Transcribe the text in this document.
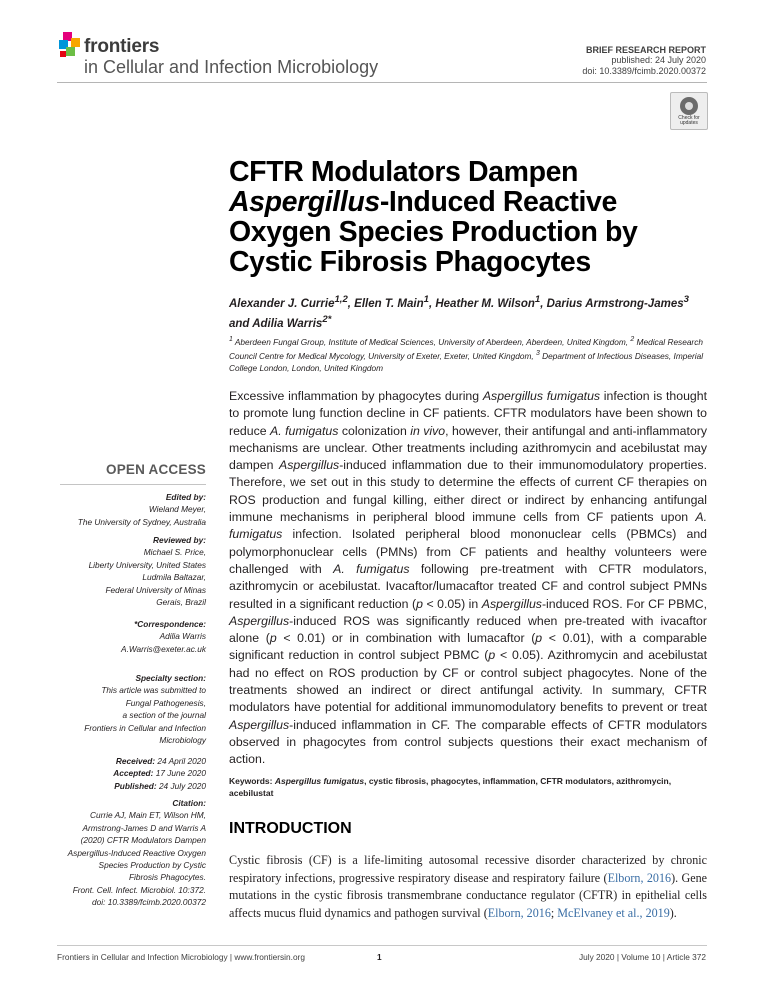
frontiers
in Cellular and Infection Microbiology
BRIEF RESEARCH REPORT
published: 24 July 2020
doi: 10.3389/fcimb.2020.00372
Check for updates
CFTR Modulators Dampen Aspergillus-Induced Reactive Oxygen Species Production by Cystic Fibrosis Phagocytes
Alexander J. Currie$^{1,2}$, Ellen T. Main$^1$, Heather M. Wilson$^1$, Darius Armstrong-James$^3$ and Adilia Warris$^{2*}$
$^1$ Aberdeen Fungal Group, Institute of Medical Sciences, University of Aberdeen, Aberdeen, United Kingdom, $^2$ Medical Research Council Centre for Medical Mycology, University of Exeter, Exeter, United Kingdom, $^3$ Department of Infectious Diseases, Imperial College London, London, United Kingdom
Excessive inflammation by phagocytes during Aspergillus fumigatus infection is thought to promote lung function decline in CF patients. CFTR modulators have been shown to reduce A. fumigatus colonization in vivo, however, their antifungal and anti-inflammatory mechanisms are unclear. Other treatments including azithromycin and acebilustat may dampen Aspergillus-induced inflammation due to their immunomodulatory properties. Therefore, we set out in this study to determine the effects of current CF therapies on ROS production and fungal killing, either direct or indirect by enhancing antifungal immune mechanisms in peripheral blood immune cells from CF patients upon A. fumigatus infection. Isolated peripheral blood mononuclear cells (PBMCs) and polymorphonuclear cells (PMNs) from CF patients and healthy volunteers were challenged with A. fumigatus following pre-treatment with CFTR modulators, azithromycin or acebilustat. Ivacaftor/lumacaftor treated CF and control subject PMNs resulted in a significant reduction (p < 0.05) in Aspergillus-induced ROS. For CF PBMC, Aspergillus-induced ROS was significantly reduced when pre-treated with ivacaftor alone (p < 0.01) or in combination with lumacaftor (p < 0.01), with a comparable significant reduction in control subject PBMC (p < 0.05). Azithromycin and acebilustat had no effect on ROS production by CF or control subject phagocytes. None of the treatments showed an indirect or direct antifungal activity. In summary, CFTR modulators have potential for additional immunomodulatory benefits to prevent or treat Aspergillus-induced inflammation in CF. The comparable effects of CFTR modulators observed in phagocytes from control subjects questions their exact mechanism of action.
Keywords: Aspergillus fumigatus, cystic fibrosis, phagocytes, inflammation, CFTR modulators, azithromycin, acebilustat
INTRODUCTION
Cystic fibrosis (CF) is a life-limiting autosomal recessive disorder characterized by chronic respiratory infections, progressive respiratory disease and respiratory failure (Elborn, 2016). Gene mutations in the cystic fibrosis transmembrane conductance regulator (CFTR) in epithelial cells affects mucus fluid dynamics and pathogen survival (Elborn, 2016; McElvaney et al., 2019).
OPEN ACCESS
Edited by:
Wieland Meyer,
The University of Sydney, Australia
Reviewed by:
Michael S. Price,
Liberty University, United States
Ludmila Baltazar,
Federal University of Minas
Gerais, Brazil
*Correspondence:
Adilia Warris
A.Warris@exeter.ac.uk
Specialty section:
This article was submitted to
Fungal Pathogenesis,
a section of the journal
Frontiers in Cellular and Infection
Microbiology
Received: 24 April 2020
Accepted: 17 June 2020
Published: 24 July 2020
Citation:
Currie AJ, Main ET, Wilson HM,
Armstrong-James D and Warris A
(2020) CFTR Modulators Dampen
Aspergillus-Induced Reactive Oxygen
Species Production by Cystic
Fibrosis Phagocytes.
Front. Cell. Infect. Microbiol. 10:372.
doi: 10.3389/fcimb.2020.00372
Frontiers in Cellular and Infection Microbiology | www.frontiersin.org	1	July 2020 | Volume 10 | Article 372
